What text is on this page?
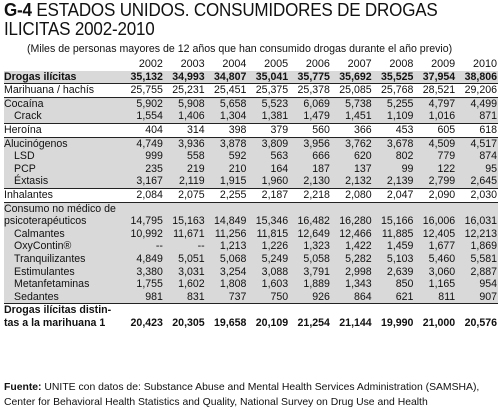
G-4 ESTADOS UNIDOS. CONSUMIDORES DE DROGAS
ILICITAS 2002-2010
(Miles de personas mayores de 12 años que han consumido drogas durante el año previo)
	2002	2003	2004	2005	2006	2007	2008	2009	2010
Drogas ilícitas	35,132	34,993	34,807	35,041	35,775	35,692	35,525	37,954	38,806
Marihuana / hachís	25,755	25,231	25,451	25,375	25,378	25,085	25,768	28,521	29,206
Cocaína	5,902	5,908	5,658	5,523	6,069	5,738	5,255	4,797	4,499
Crack	1,554	1,406	1,304	1,381	1,479	1,451	1,109	1,016	871
Heroína	404	314	398	379	560	366	453	605	618
Alucinógenos	4,749	3,936	3,878	3,809	3,956	3,762	3,678	4,509	4,517
LSD	999	558	592	563	666	620	802	779	874
PCP	235	219	210	164	187	137	99	122	95
Éxtasis	3,167	2,119	1,915	1,960	2,130	2,132	2,139	2,799	2,645
Inhalantes	2,084	2,075	2,255	2,187	2,218	2,080	2,047	2,090	2,030
Consumo no médico de									
psicoterapéuticos	14,795	15,163	14,849	15,346	16,482	16,280	15,166	16,006	16,031
Calmantes	10,992	11,671	11,256	11,815	12,649	12,466	11,885	12,405	12,213
OxyContin®	--	--	1,213	1,226	1,323	1,422	1,459	1,677	1,869
Tranquilizantes	4,849	5,051	5,068	5,249	5,058	5,282	5,103	5,460	5,581
Estimulantes	3,380	3,031	3,254	3,088	3,791	2,998	2,639	3,060	2,887
Metanfetaminas	1,755	1,602	1,808	1,603	1,889	1,343	850	1,165	954
Sedantes	981	831	737	750	926	864	621	811	907
Drogas ilícitas distin-									
tas a la marihuana 1	20,423	20,305	19,658	20,109	21,254	21,144	19,990	21,000	20,576
Fuente: UNITE con datos de: Substance Abuse and Mental Health Services Administration (SAMSHA), Center for Behavioral Health Statistics and Quality, National Survey on Drug Use and Health
